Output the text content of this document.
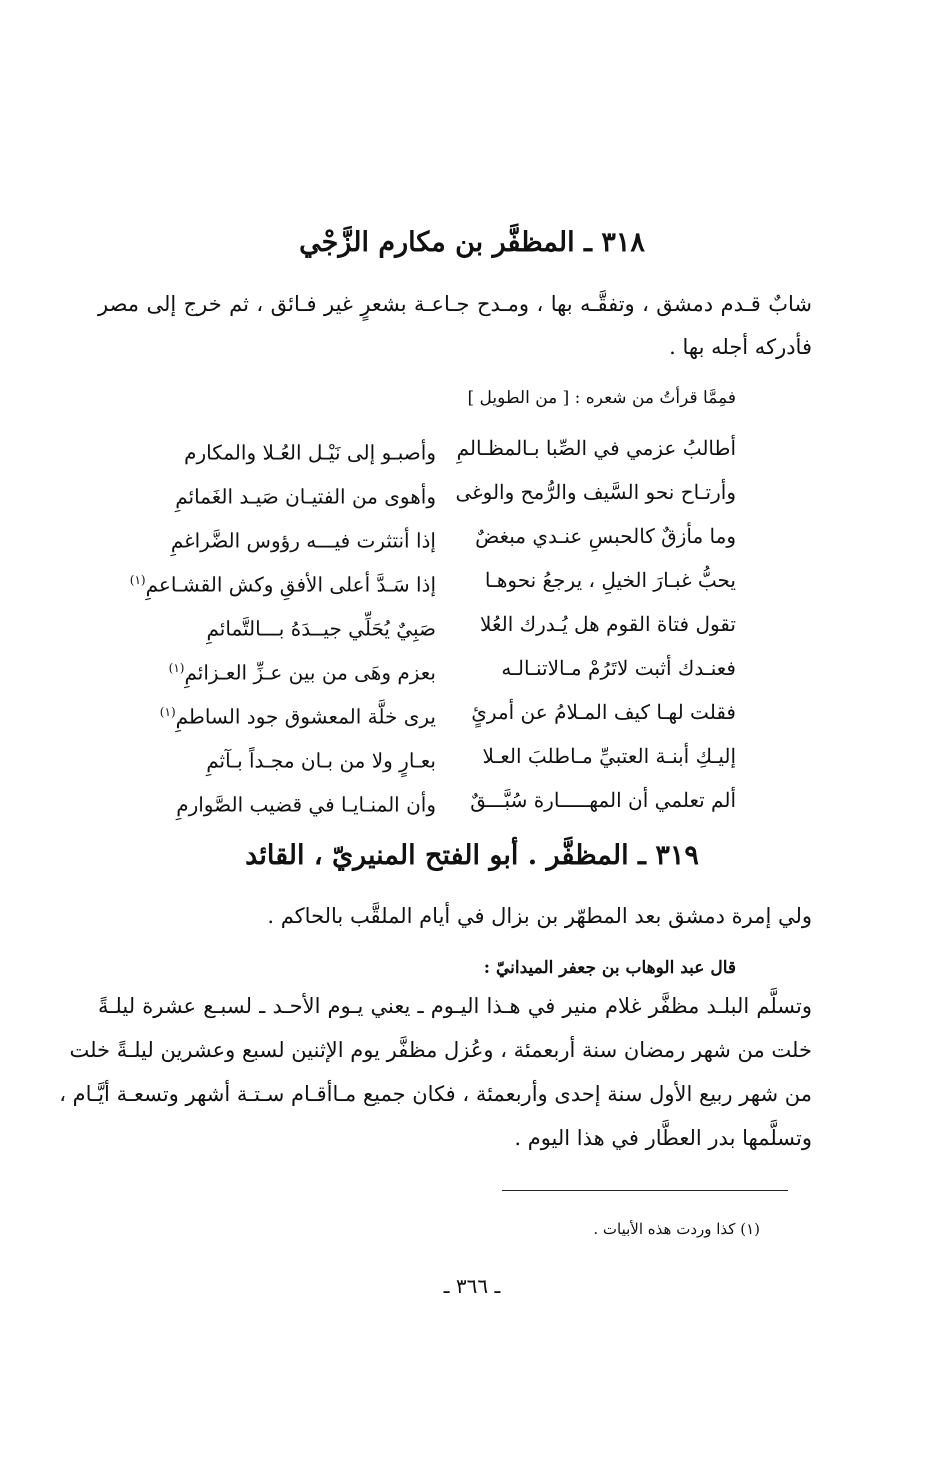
٣١٨ ـ المظفَّر بن مكارم الزَّجْي
شابٌ قـدم دمشق ، وتفقَّـه بها ، ومـدح جـاعـة بشعرٍ غير فـائق ، ثم خرج إلى مصر
فأدركه أجله بها .
فمِمَّا قرأتُ من شعره : [ من الطويل ]
أطالبُ عزمي في الصِّبا بـالمظـالمِ
وأصبـو إلى نَيْـل العُـلا والمكارم
وأرتـاح نحو السَّيف والرُّمح والوغى
وأهوى من الفتيـان صَيـد الغَمائمِ
وما مأزقٌ كالحبسِ عنـدي مبغضٌ
إذا أنتثرت فيـــه رؤوس الضَّراغمِ
يحبُّ غبـارَ الخيلِ ، يرجعُ نحوهـا
إذا سَـدَّ أعلى الأفقِ وكش القشـاعمِ$^{(١)}$
تقول فتاة القوم هل يُـدرك العُلا
صَبِيٌ يُحَلِّي جيــدَهُ بـــالتَّمائمِ
فعنـدك أثبت لاتَرُمْ مـالاتنـالـه
بعزم وهَى من بين عـزِّ العـزائمِ$^{(١)}$
فقلت لهـا كيف المـلامُ عن أمرئٍ
يرى خلَّة المعشوق جود الساطمِ$^{(١)}$
إليـكِ أبنـة العتبيِّ مـاطلبَ العـلا
بعـارٍ ولا من بـان مجـداً بـآثمِ
ألم تعلمي أن المهـــــارة سُبَّـــقٌ
وأن المنـايـا في قضيب الصَّوارمِ
٣١٩ ـ المظفَّر . أبو الفتح المنيريّ ، القائد
ولي إمرة دمشق بعد المطهّر بن بزال في أيام الملقَّب بالحاكم .
قال عبد الوهاب بن جعفر الميدانيّ :
وتسلَّم البلـد مظفَّر غلام منير في هـذا اليـوم ـ يعني يـوم الأحـد ـ لسبـع عشرة ليلـةً
خلت من شهر رمضان سنة أربعمئة ، وعُزل مظفَّر يوم الإثنين لسبع وعشرين ليلـةً خلت
من شهر ربيع الأول سنة إحدى وأربعمئة ، فكان جميع مـاأقـام سـتـة أشهر وتسعـة أيَّـام ،
وتسلَّمها بدر العطَّار في هذا اليوم .
(١) كذا وردت هذه الأبيات .
ـ ٣٦٦ ـ
